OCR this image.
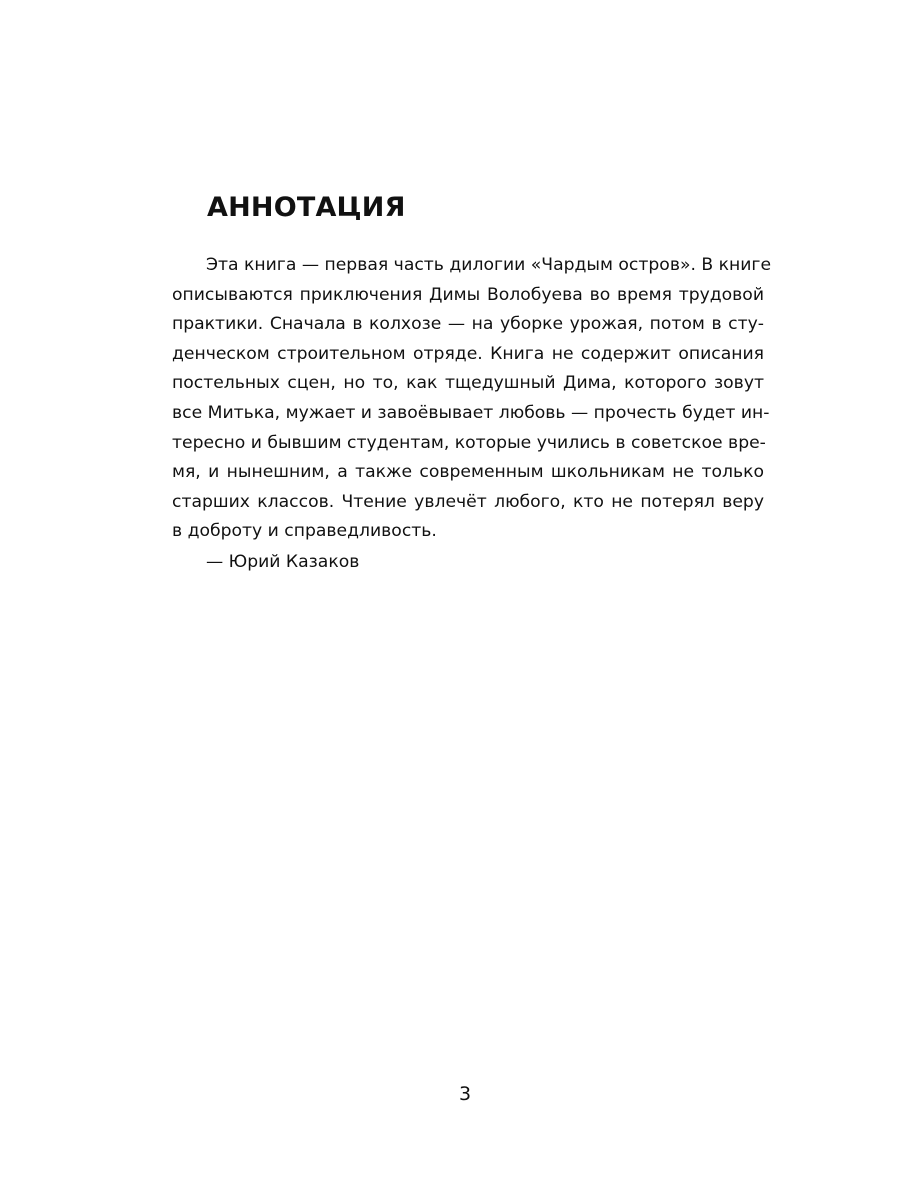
АННОТАЦИЯ
Эта книга — первая часть дилогии «Чардым остров». В книге
описываются приключения Димы Волобуева во время трудовой
практики. Сначала в колхозе — на уборке урожая, потом в сту-
денческом строительном отряде. Книга не содержит описания
постельных сцен, но то, как тщедушный Дима, которого зовут
все Митька, мужает и завоёвывает любовь — прочесть будет ин-
тересно и бывшим студентам, которые учились в советское вре-
мя, и нынешним, а также современным школьникам не только
старших классов. Чтение увлечёт любого, кто не потерял веру
в доброту и справедливость.
— Юрий Казаков
3
